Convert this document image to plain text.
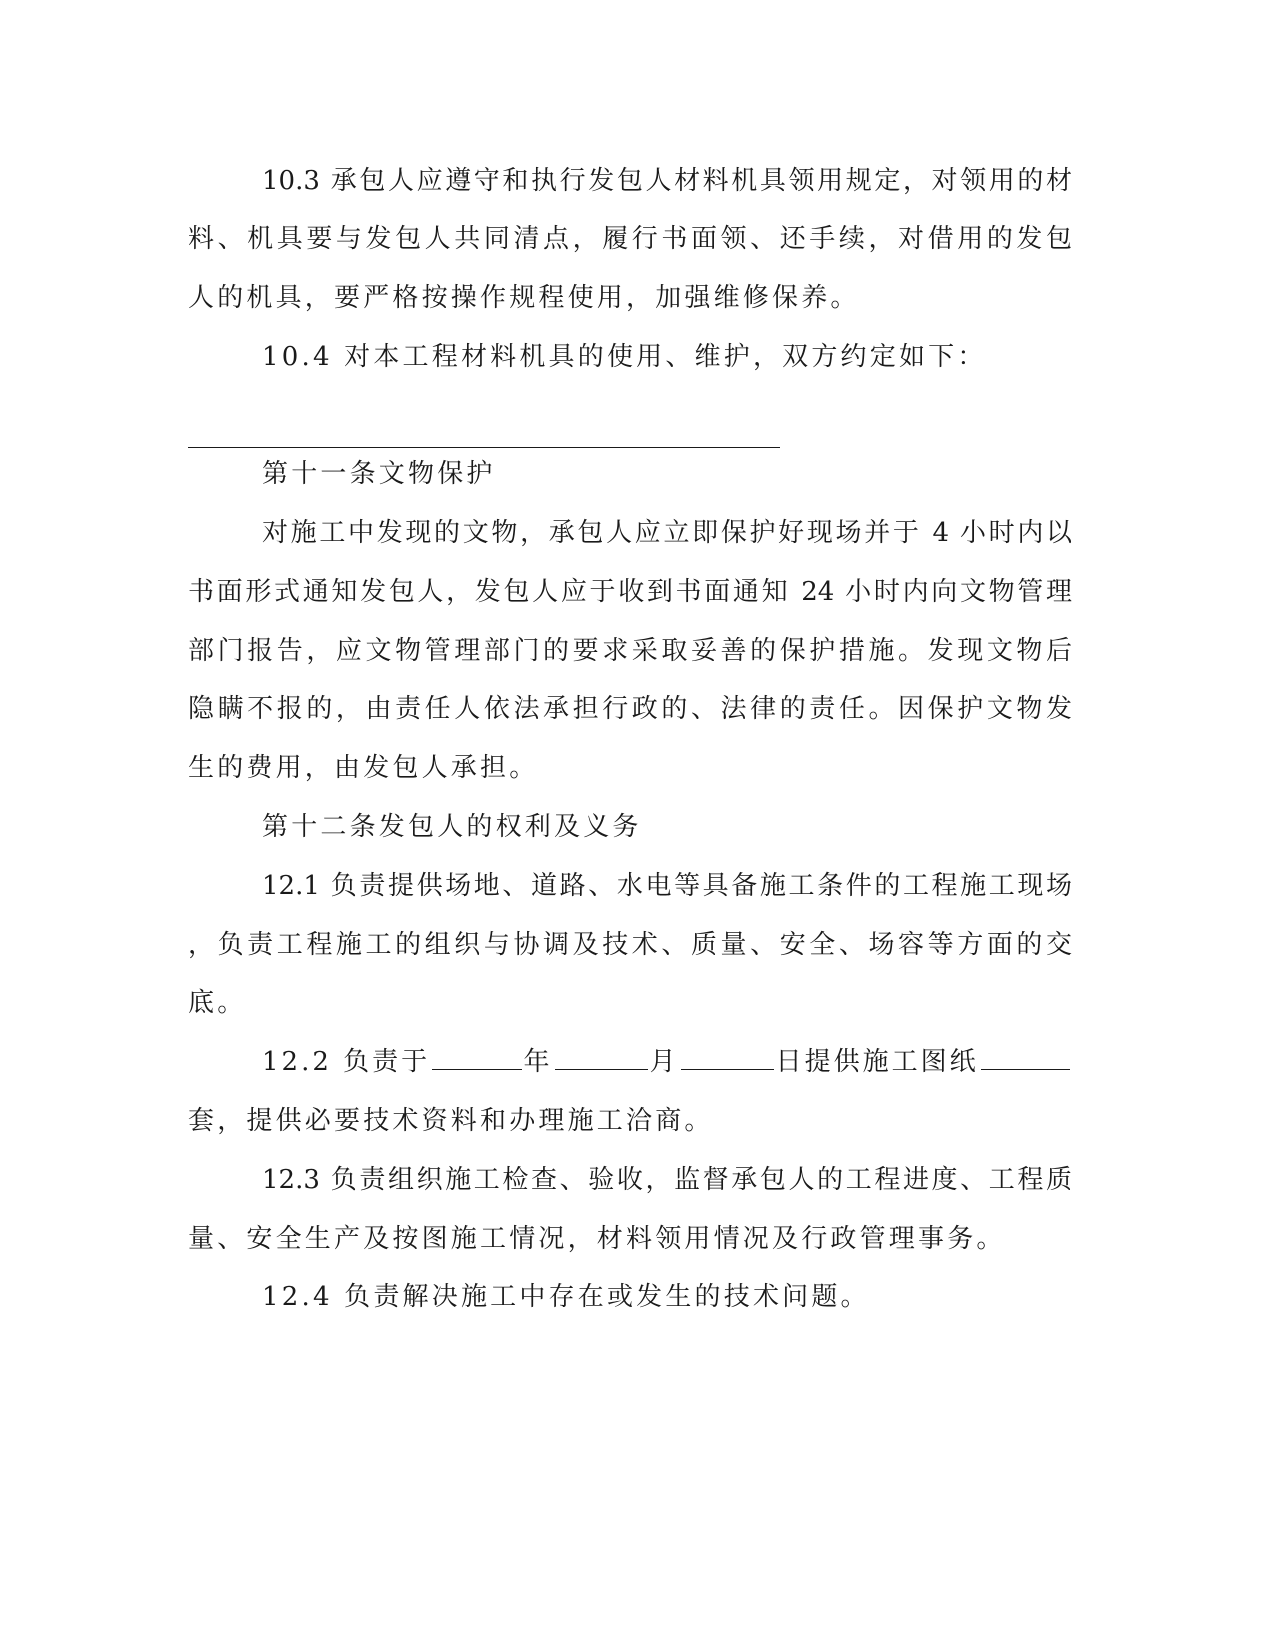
10.3 承包人应遵守和执行发包人材料机具领用规定，对领用的材
料、机具要与发包人共同清点，履行书面领、还手续，对借用的发包
人的机具，要严格按操作规程使用，加强维修保养。
10.4 对本工程材料机具的使用、维护，双方约定如下：
第十一条文物保护
对施工中发现的文物，承包人应立即保护好现场并于 4 小时内以
书面形式通知发包人，发包人应于收到书面通知 24 小时内向文物管理
部门报告，应文物管理部门的要求采取妥善的保护措施。发现文物后
隐瞒不报的，由责任人依法承担行政的、法律的责任。因保护文物发
生的费用，由发包人承担。
第十二条发包人的权利及义务
12.1 负责提供场地、道路、水电等具备施工条件的工程施工现场
，负责工程施工的组织与协调及技术、质量、安全、场容等方面的交
底。
12.2 负责于	年	月	日提供施工图纸
套，提供必要技术资料和办理施工洽商。
12.3 负责组织施工检查、验收，监督承包人的工程进度、工程质
量、安全生产及按图施工情况，材料领用情况及行政管理事务。
12.4 负责解决施工中存在或发生的技术问题。
